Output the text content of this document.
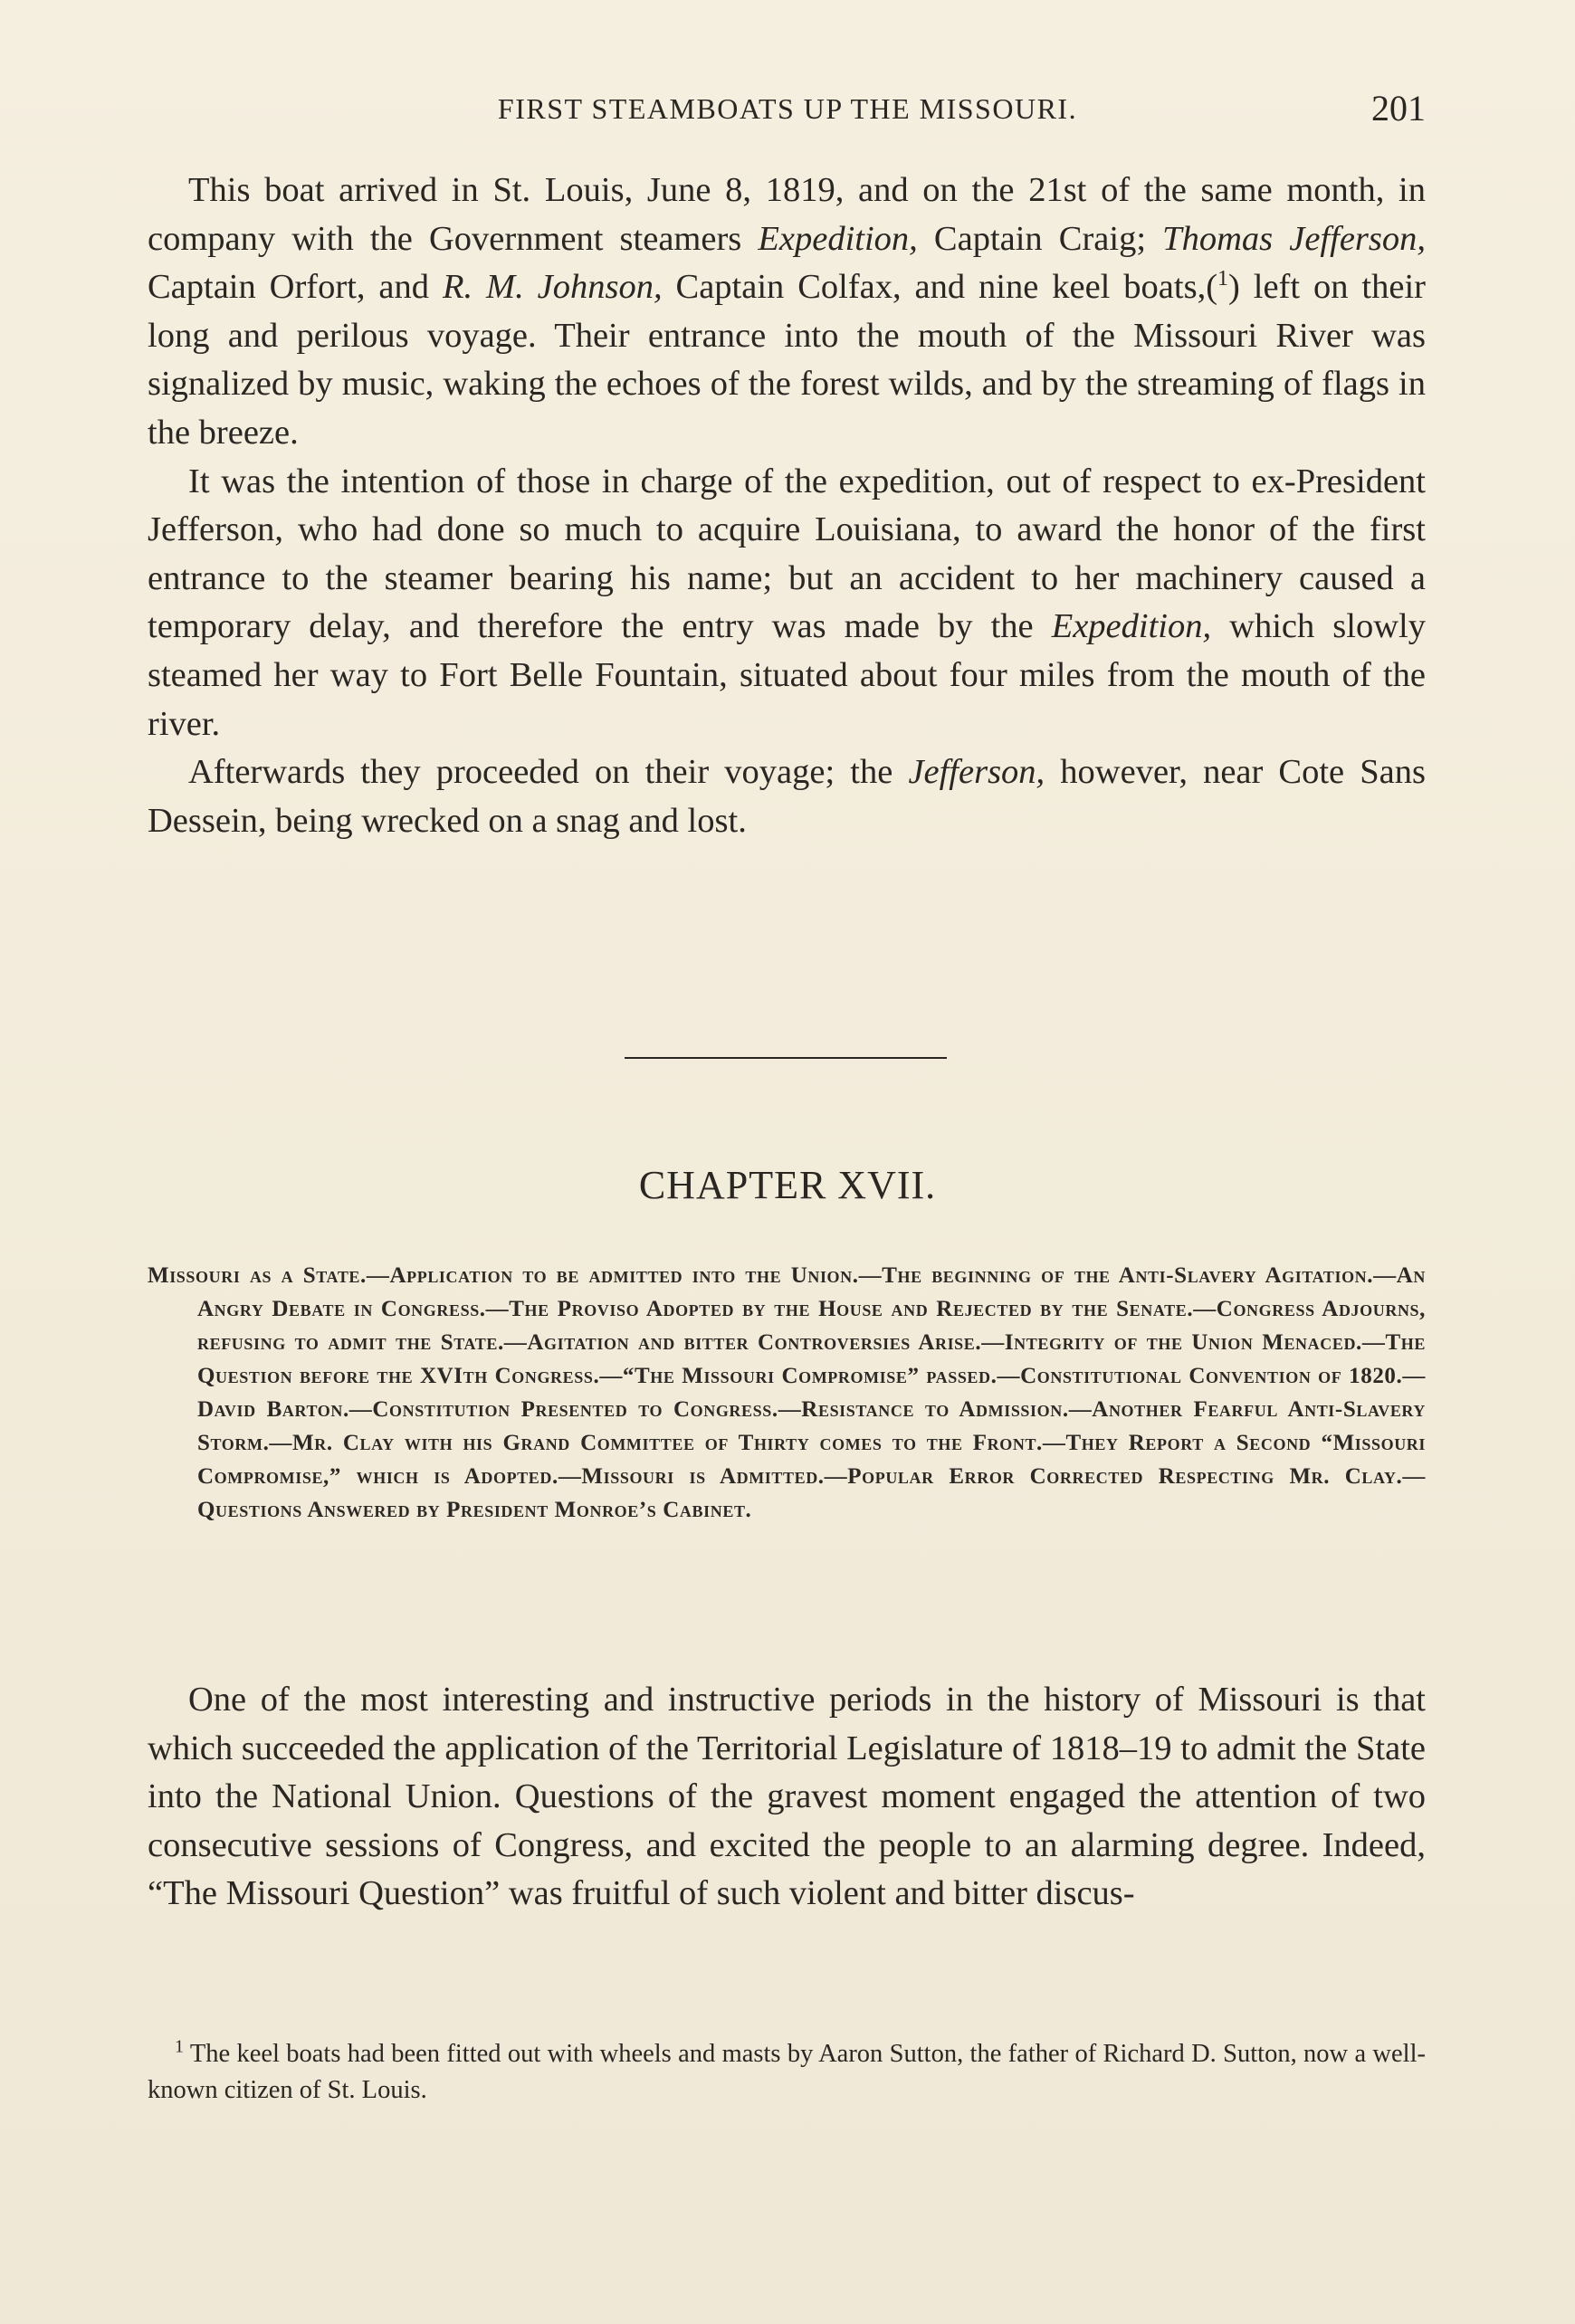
FIRST STEAMBOATS UP THE MISSOURI.	201

This boat arrived in St. Louis, June 8, 1819, and on the 21st of the same month, in company with the Government steamers Expedition, Captain Craig; Thomas Jefferson, Captain Orfort, and R. M. Johnson, Captain Colfax, and nine keel boats,($^1$) left on their long and perilous voyage. Their entrance into the mouth of the Missouri River was signalized by music, waking the echoes of the forest wilds, and by the streaming of flags in the breeze.

It was the intention of those in charge of the expedition, out of respect to ex-President Jefferson, who had done so much to acquire Louisiana, to award the honor of the first entrance to the steamer bearing his name; but an accident to her machinery caused a temporary delay, and therefore the entry was made by the Expedition, which slowly steamed her way to Fort Belle Fountain, situated about four miles from the mouth of the river.

Afterwards they proceeded on their voyage; the Jefferson, however, near Cote Sans Dessein, being wrecked on a snag and lost.

CHAPTER XVII.
Missouri as a State.—Application to be admitted into the Union.—The beginning of the Anti-Slavery Agitation.—An Angry Debate in Congress.—The Proviso Adopted by the House and Rejected by the Senate.—Congress Adjourns, refusing to admit the State.—Agitation and bitter Controversies Arise.—Integrity of the Union Menaced.—The Question before the XVIth Congress.—“The Missouri Compromise” passed.—Constitutional Convention of 1820.—David Barton.—Constitution Presented to Congress.—Resistance to Admission.—Another Fearful Anti-Slavery Storm.—Mr. Clay with his Grand Committee of Thirty comes to the Front.—They Report a Second “Missouri Compromise,” which is Adopted.—Missouri is Admitted.—Popular Error Corrected Respecting Mr. Clay.—Questions Answered by President Monroe’s Cabinet.

One of the most interesting and instructive periods in the history of Missouri is that which succeeded the application of the Territorial Legislature of 1818–19 to admit the State into the National Union. Questions of the gravest moment engaged the attention of two consecutive sessions of Congress, and excited the people to an alarming degree. Indeed, “The Missouri Question” was fruitful of such violent and bitter discus-

$^1$ The keel boats had been fitted out with wheels and masts by Aaron Sutton, the father of Richard D. Sutton, now a well-known citizen of St. Louis.
